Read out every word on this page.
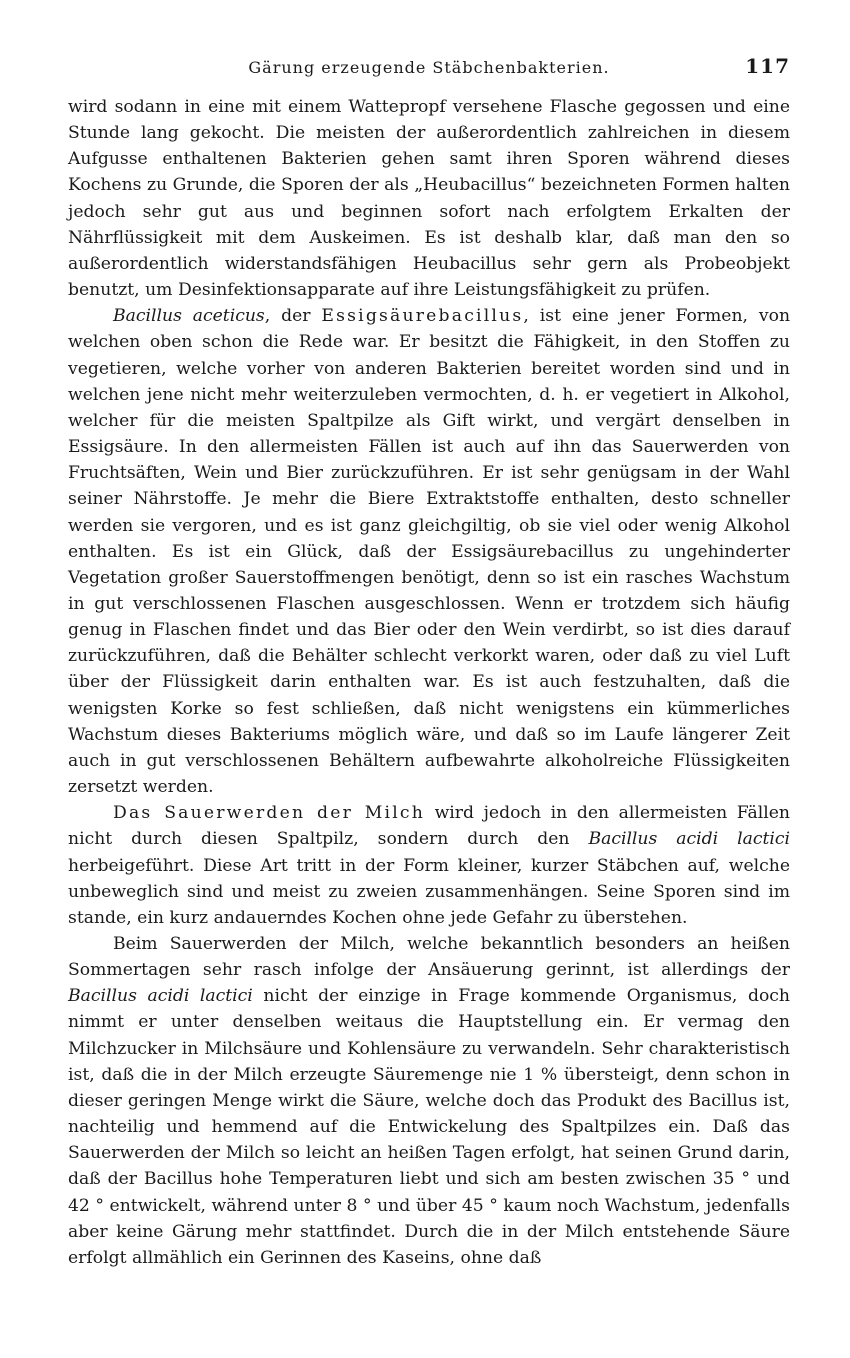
Gärung erzeugende Stäbchenbakterien.	117

wird sodann in eine mit einem Wattepropf versehene Flasche gegossen und eine Stunde lang gekocht. Die meisten der außerordentlich zahlreichen in diesem Aufgusse enthaltenen Bakterien gehen samt ihren Sporen während dieses Kochens zu Grunde, die Sporen der als „Heubacillus“ bezeichneten Formen halten jedoch sehr gut aus und beginnen sofort nach erfolgtem Erkalten der Nährflüssigkeit mit dem Auskeimen. Es ist deshalb klar, daß man den so außerordentlich widerstandsfähigen Heubacillus sehr gern als Probeobjekt benutzt, um Desinfektionsapparate auf ihre Leistungsfähigkeit zu prüfen.

Bacillus aceticus, der Essigsäurebacillus, ist eine jener Formen, von welchen oben schon die Rede war. Er besitzt die Fähigkeit, in den Stoffen zu vegetieren, welche vorher von anderen Bakterien bereitet worden sind und in welchen jene nicht mehr weiterzuleben vermochten, d. h. er vegetiert in Alkohol, welcher für die meisten Spaltpilze als Gift wirkt, und vergärt denselben in Essigsäure. In den allermeisten Fällen ist auch auf ihn das Sauerwerden von Fruchtsäften, Wein und Bier zurückzuführen. Er ist sehr genügsam in der Wahl seiner Nährstoffe. Je mehr die Biere Extraktstoffe enthalten, desto schneller werden sie vergoren, und es ist ganz gleichgiltig, ob sie viel oder wenig Alkohol enthalten. Es ist ein Glück, daß der Essigsäurebacillus zu ungehinderter Vegetation großer Sauerstoffmengen benötigt, denn so ist ein rasches Wachstum in gut verschlossenen Flaschen ausgeschlossen. Wenn er trotzdem sich häufig genug in Flaschen findet und das Bier oder den Wein verdirbt, so ist dies darauf zurückzuführen, daß die Behälter schlecht verkorkt waren, oder daß zu viel Luft über der Flüssigkeit darin enthalten war. Es ist auch festzuhalten, daß die wenigsten Korke so fest schließen, daß nicht wenigstens ein kümmerliches Wachstum dieses Bakteriums möglich wäre, und daß so im Laufe längerer Zeit auch in gut verschlossenen Behältern aufbewahrte alkoholreiche Flüssigkeiten zersetzt werden.

Das Sauerwerden der Milch wird jedoch in den allermeisten Fällen nicht durch diesen Spaltpilz, sondern durch den Bacillus acidi lactici herbeigeführt. Diese Art tritt in der Form kleiner, kurzer Stäbchen auf, welche unbeweglich sind und meist zu zweien zusammenhängen. Seine Sporen sind im stande, ein kurz andauerndes Kochen ohne jede Gefahr zu überstehen.

Beim Sauerwerden der Milch, welche bekanntlich besonders an heißen Sommertagen sehr rasch infolge der Ansäuerung gerinnt, ist allerdings der Bacillus acidi lactici nicht der einzige in Frage kommende Organismus, doch nimmt er unter denselben weitaus die Hauptstellung ein. Er vermag den Milchzucker in Milchsäure und Kohlensäure zu verwandeln. Sehr charakteristisch ist, daß die in der Milch erzeugte Säuremenge nie 1 % übersteigt, denn schon in dieser geringen Menge wirkt die Säure, welche doch das Produkt des Bacillus ist, nachteilig und hemmend auf die Entwickelung des Spaltpilzes ein. Daß das Sauerwerden der Milch so leicht an heißen Tagen erfolgt, hat seinen Grund darin, daß der Bacillus hohe Temperaturen liebt und sich am besten zwischen 35 ° und 42 ° entwickelt, während unter 8 ° und über 45 ° kaum noch Wachstum, jedenfalls aber keine Gärung mehr stattfindet. Durch die in der Milch entstehende Säure erfolgt allmählich ein Gerinnen des Kaseins, ohne daß
